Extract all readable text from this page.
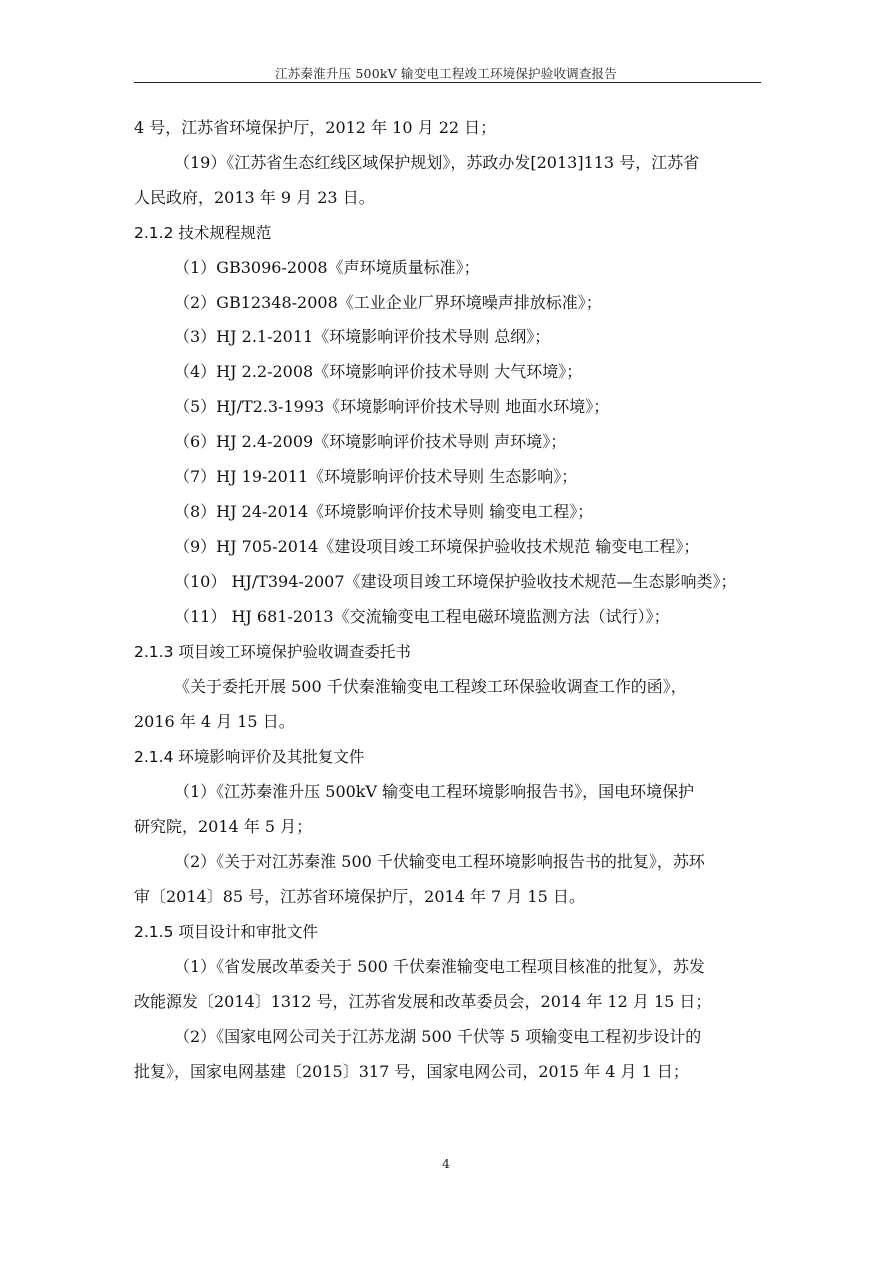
江苏秦淮升压 500kV 输变电工程竣工环境保护验收调查报告
4 号，江苏省环境保护厅，2012 年 10 月 22 日；
（19）《江苏省生态红线区域保护规划》，苏政办发[2013]113 号，江苏省
人民政府，2013 年 9 月 23 日。
2.1.2 技术规程规范
（1）GB3096-2008《声环境质量标准》；
（2）GB12348-2008《工业企业厂界环境噪声排放标准》；
（3）HJ 2.1-2011《环境影响评价技术导则 总纲》；
（4）HJ 2.2-2008《环境影响评价技术导则 大气环境》；
（5）HJ/T2.3-1993《环境影响评价技术导则 地面水环境》；
（6）HJ 2.4-2009《环境影响评价技术导则 声环境》；
（7）HJ 19-2011《环境影响评价技术导则 生态影响》；
（8）HJ 24-2014《环境影响评价技术导则 输变电工程》；
（9）HJ 705-2014《建设项目竣工环境保护验收技术规范 输变电工程》；
（10） HJ/T394-2007《建设项目竣工环境保护验收技术规范—生态影响类》；
（11） HJ 681-2013《交流输变电工程电磁环境监测方法（试行）》；
2.1.3 项目竣工环境保护验收调查委托书
《关于委托开展 500 千伏秦淮输变电工程竣工环保验收调查工作的函》，
2016 年 4 月 15 日。
2.1.4 环境影响评价及其批复文件
（1）《江苏秦淮升压 500kV 输变电工程环境影响报告书》，国电环境保护
研究院，2014 年 5 月；
（2）《关于对江苏秦淮 500 千伏输变电工程环境影响报告书的批复》，苏环
审〔2014〕85 号，江苏省环境保护厅，2014 年 7 月 15 日。
2.1.5 项目设计和审批文件
（1）《省发展改革委关于 500 千伏秦淮输变电工程项目核准的批复》，苏发
改能源发〔2014〕1312 号，江苏省发展和改革委员会，2014 年 12 月 15 日；
（2）《国家电网公司关于江苏龙湖 500 千伏等 5 项输变电工程初步设计的
批复》，国家电网基建〔2015〕317 号，国家电网公司，2015 年 4 月 1 日；
4
